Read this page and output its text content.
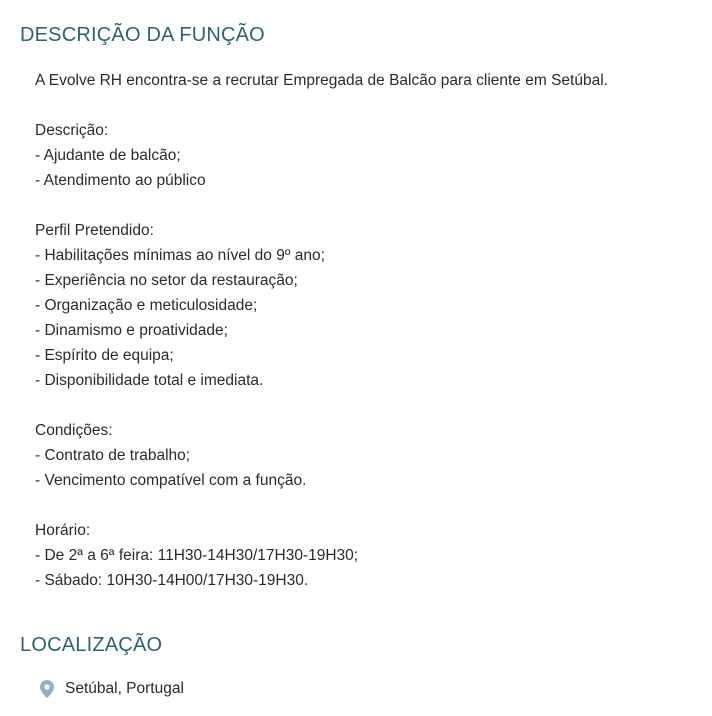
DESCRIÇÃO DA FUNÇÃO
A Evolve RH encontra-se a recrutar Empregada de Balcão para cliente em Setúbal.
Descrição:
- Ajudante de balcão;
- Atendimento ao público
Perfil Pretendido:
- Habilitações mínimas ao nível do 9º ano;
- Experiência no setor da restauração;
- Organização e meticulosidade;
- Dinamismo e proatividade;
- Espírito de equipa;
- Disponibilidade total e imediata.
Condições:
- Contrato de trabalho;
- Vencimento compatível com a função.
Horário:
- De 2ª a 6ª feira: 11H30-14H30/17H30-19H30;
- Sábado: 10H30-14H00/17H30-19H30.
LOCALIZAÇÃO
Setúbal, Portugal
